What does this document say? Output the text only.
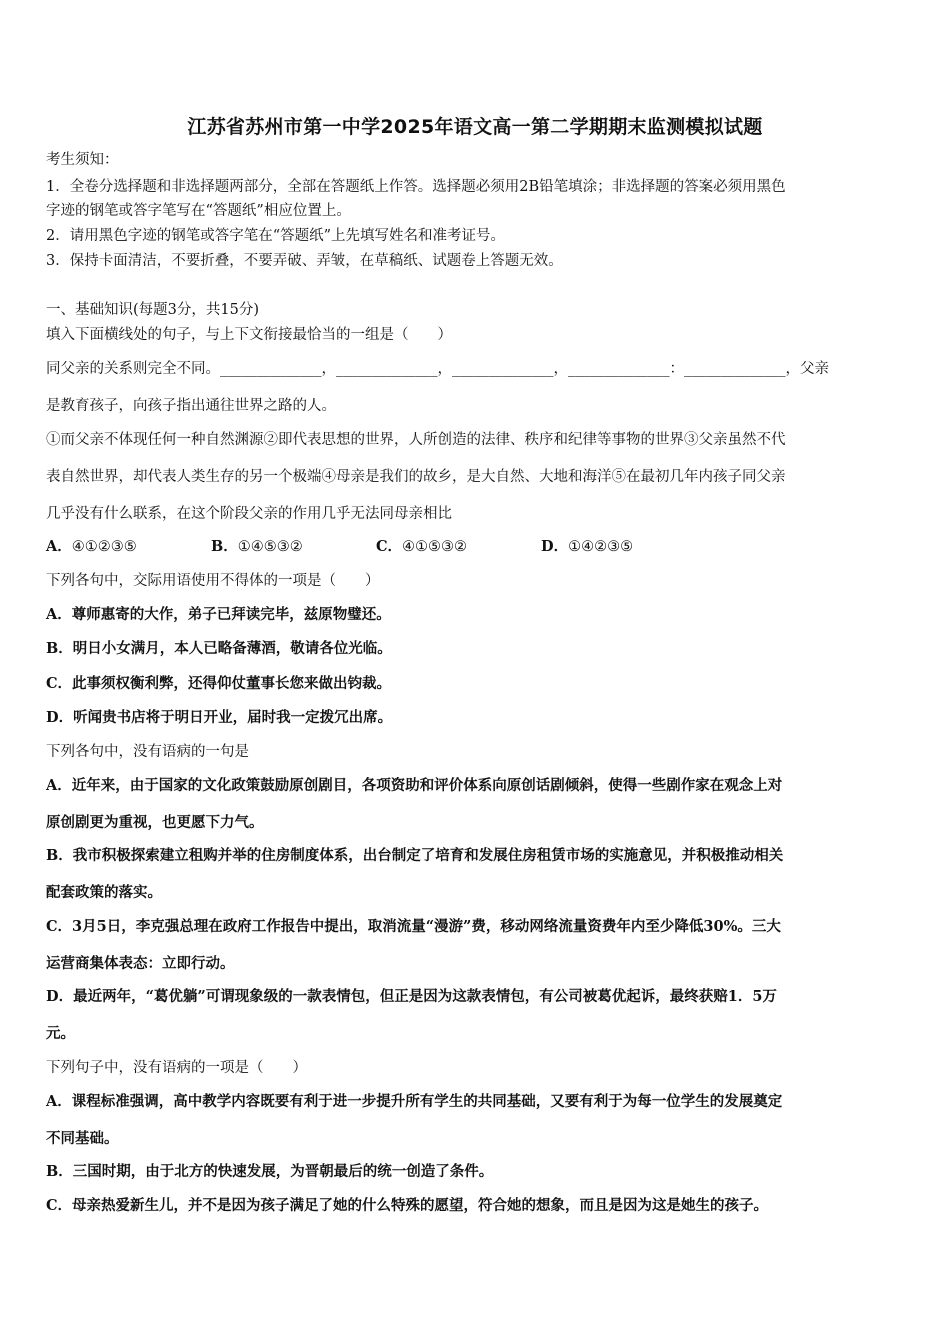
江苏省苏州市第一中学2025年语文高一第二学期期末监测模拟试题
考生须知：
1．全卷分选择题和非选择题两部分，全部在答题纸上作答。选择题必须用2B铅笔填涂；非选择题的答案必须用黑色
字迹的钢笔或答字笔写在“答题纸”相应位置上。
2．请用黑色字迹的钢笔或答字笔在“答题纸”上先填写姓名和准考证号。
3．保持卡面清洁，不要折叠，不要弄破、弄皱，在草稿纸、试题卷上答题无效。
一、基础知识(每题3分，共15分)
填入下面横线处的句子，与上下文衔接最恰当的一组是（　　）
同父亲的关系则完全不同。______________，______________，______________，______________：______________，父亲
是教育孩子，向孩子指出通往世界之路的人。
①而父亲不体现任何一种自然渊源②即代表思想的世界，人所创造的法律、秩序和纪律等事物的世界③父亲虽然不代
表自然世界，却代表人类生存的另一个极端④母亲是我们的故乡，是大自然、大地和海洋⑤在最初几年内孩子同父亲
几乎没有什么联系，在这个阶段父亲的作用几乎无法同母亲相比
A．④①②③⑤	B．①④⑤③②	C．④①⑤③②	D．①④②③⑤
下列各句中，交际用语使用不得体的一项是（　　）
A．尊师惠寄的大作，弟子已拜读完毕，兹原物璧还。
B．明日小女满月，本人已略备薄酒，敬请各位光临。
C．此事须权衡利弊，还得仰仗董事长您来做出钧裁。
D．听闻贵书店将于明日开业，届时我一定拨冗出席。
下列各句中，没有语病的一句是
A．近年来，由于国家的文化政策鼓励原创剧目，各项资助和评价体系向原创话剧倾斜，使得一些剧作家在观念上对
原创剧更为重视，也更愿下力气。
B．我市积极探索建立租购并举的住房制度体系，出台制定了培育和发展住房租赁市场的实施意见，并积极推动相关
配套政策的落实。
C．3月5日，李克强总理在政府工作报告中提出，取消流量“漫游”费，移动网络流量资费年内至少降低30%。三大
运营商集体表态：立即行动。
D．最近两年，“葛优躺”可谓现象级的一款表情包，但正是因为这款表情包，有公司被葛优起诉，最终获赔1．5万
元。
下列句子中，没有语病的一项是（　　）
A．课程标准强调，高中教学内容既要有利于进一步提升所有学生的共同基础，又要有利于为每一位学生的发展奠定
不同基础。
B．三国时期，由于北方的快速发展，为晋朝最后的统一创造了条件。
C．母亲热爱新生儿，并不是因为孩子满足了她的什么特殊的愿望，符合她的想象，而且是因为这是她生的孩子。
